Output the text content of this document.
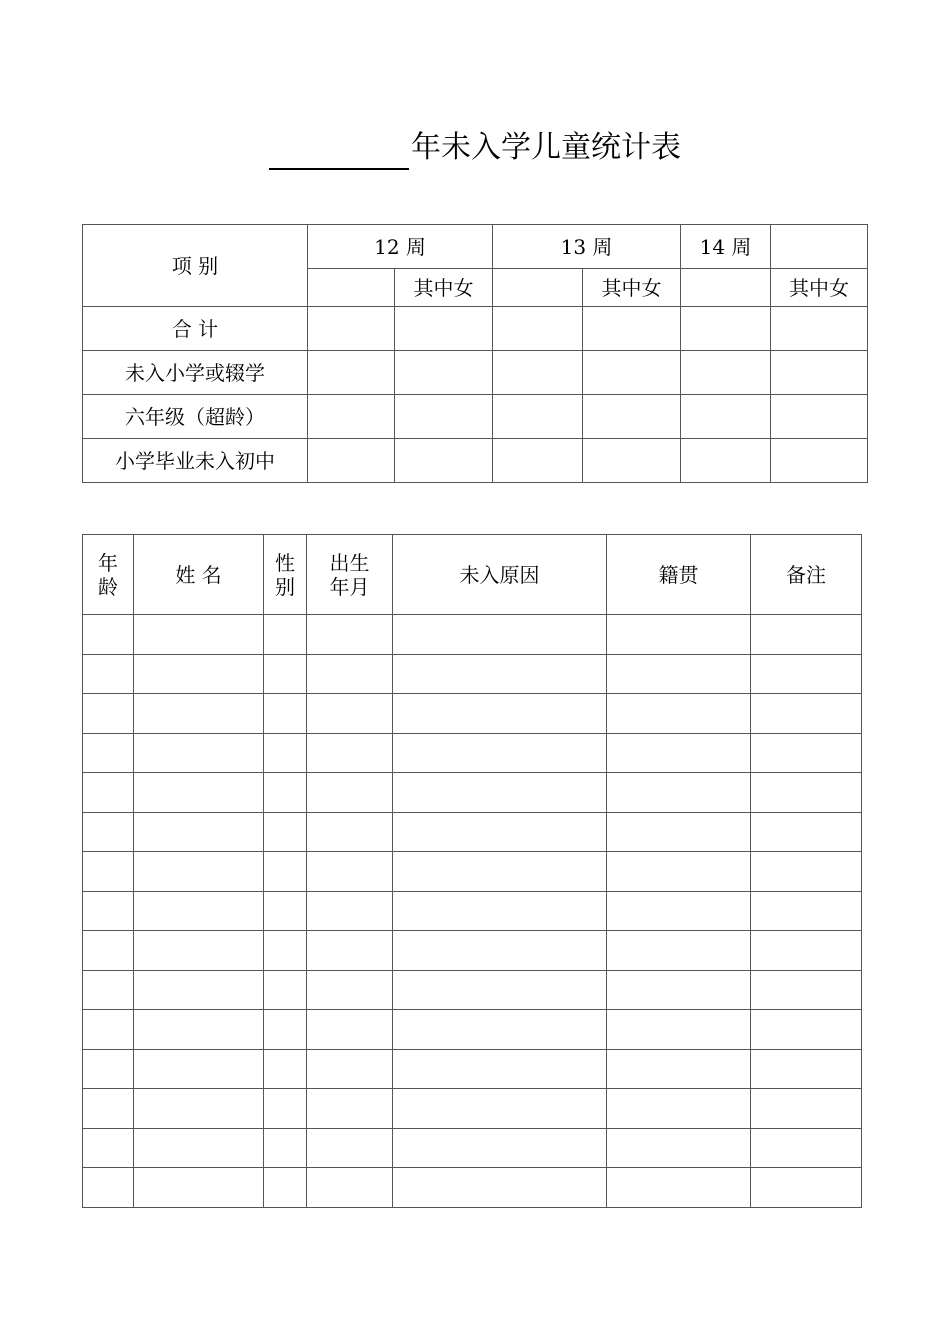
年未入学儿童统计表
项 别	12 周		13 周		14 周	
		其中女		其中女		其中女
合 计						
未入小学或辍学						
六年级（超龄）						
小学毕业未入初中						
年龄	姓 名	性别	出生年月	未入原因	籍贯	备注
